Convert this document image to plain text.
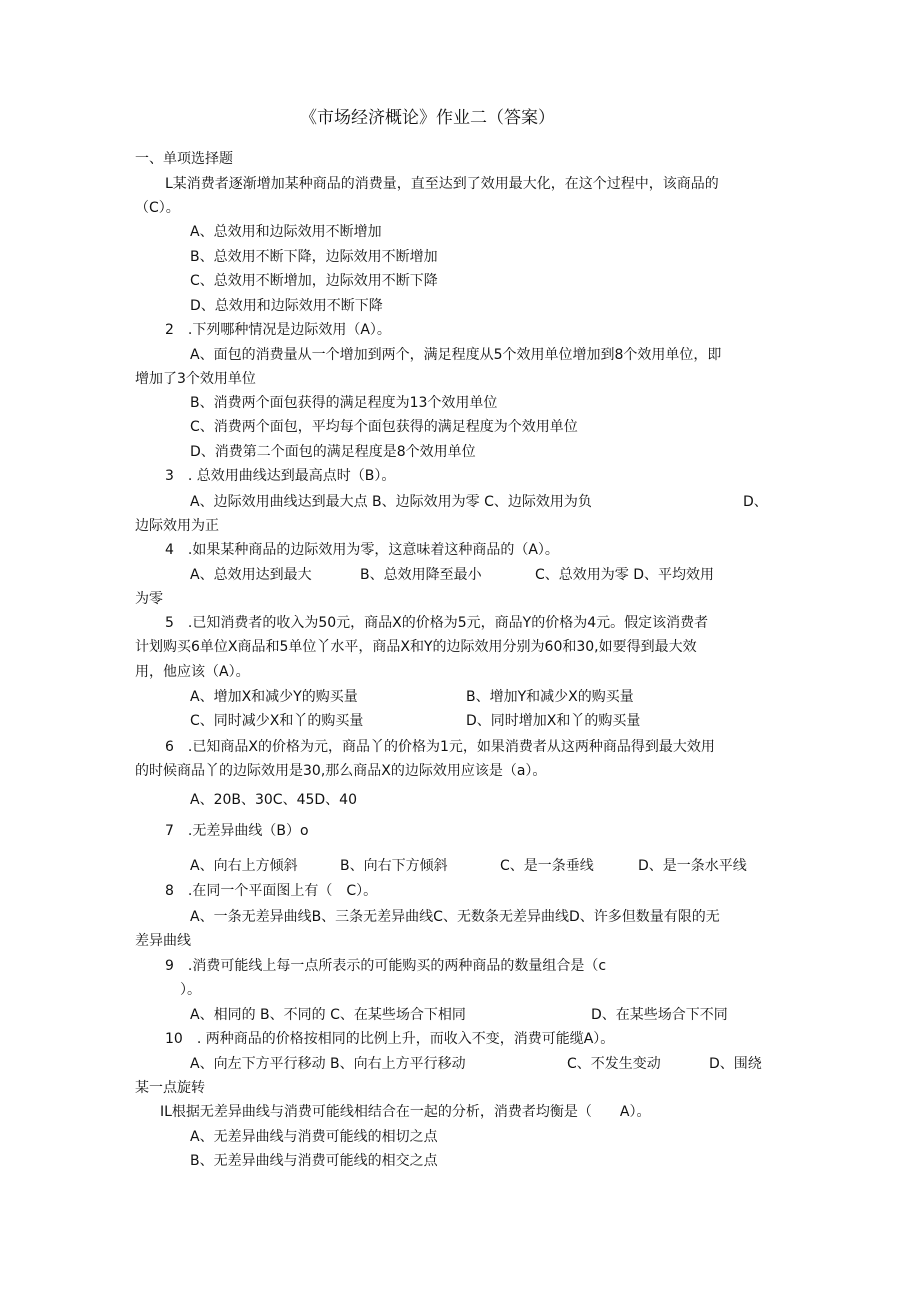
《市场经济概论》作业二（答案）
一、单项选择题
L某消费者逐渐增加某种商品的消费量，直至达到了效用最大化，在这个过程中，该商品的
（C）。
A、总效用和边际效用不断增加
B、总效用不断下降，边际效用不断增加
C、总效用不断增加，边际效用不断下降
D、总效用和边际效用不断下降
2　.下列哪种情况是边际效用（A）。
A、面包的消费量从一个增加到两个，满足程度从5个效用单位增加到8个效用单位，即
增加了3个效用单位
B、消费两个面包获得的满足程度为13个效用单位
C、消费两个面包，平均每个面包获得的满足程度为个效用单位
D、消费第二个面包的满足程度是8个效用单位
3　. 总效用曲线达到最高点时（B）。
A、边际效用曲线达到最大点 B、边际效用为零 C、边际效用为负	D、
边际效用为正
4　.如果某种商品的边际效用为零，这意味着这种商品的（A）。
A、总效用达到最大	B、总效用降至最小	C、总效用为零 D、平均效用
为零
5　.已知消费者的收入为50元，商品X的价格为5元，商品Y的价格为4元。假定该消费者
计划购买6单位X商品和5单位丫水平，商品X和Y的边际效用分别为60和30,如要得到最大效
用，他应该（A）。
A、增加X和减少Y的购买量	B、增加Y和减少X的购买量
C、同时减少X和丫的购买量	D、同时增加X和丫的购买量
6　.已知商品X的价格为元，商品丫的价格为1元，如果消费者从这两种商品得到最大效用
的时候商品丫的边际效用是30,那么商品X的边际效用应该是（a）。
A、20B、30C、45D、40
7　.无差异曲线（B）o
A、向右上方倾斜	B、向右下方倾斜	C、是一条垂线	D、是一条水平线
8　.在同一个平面图上有（　C）。
A、一条无差异曲线B、三条无差异曲线C、无数条无差异曲线D、许多但数量有限的无
差异曲线
9　.消费可能线上每一点所表示的可能购买的两种商品的数量组合是（c
）。
A、相同的 B、不同的 C、在某些场合下相同	D、在某些场合下不同
10　. 两种商品的价格按相同的比例上升，而收入不变，消费可能缆A）。
A、向左下方平行移动 B、向右上方平行移动	C、不发生变动	D、围绕
某一点旋转
IL根据无差异曲线与消费可能线相结合在一起的分析，消费者均衡是（　　A）。
A、无差异曲线与消费可能线的相切之点
B、无差异曲线与消费可能线的相交之点
